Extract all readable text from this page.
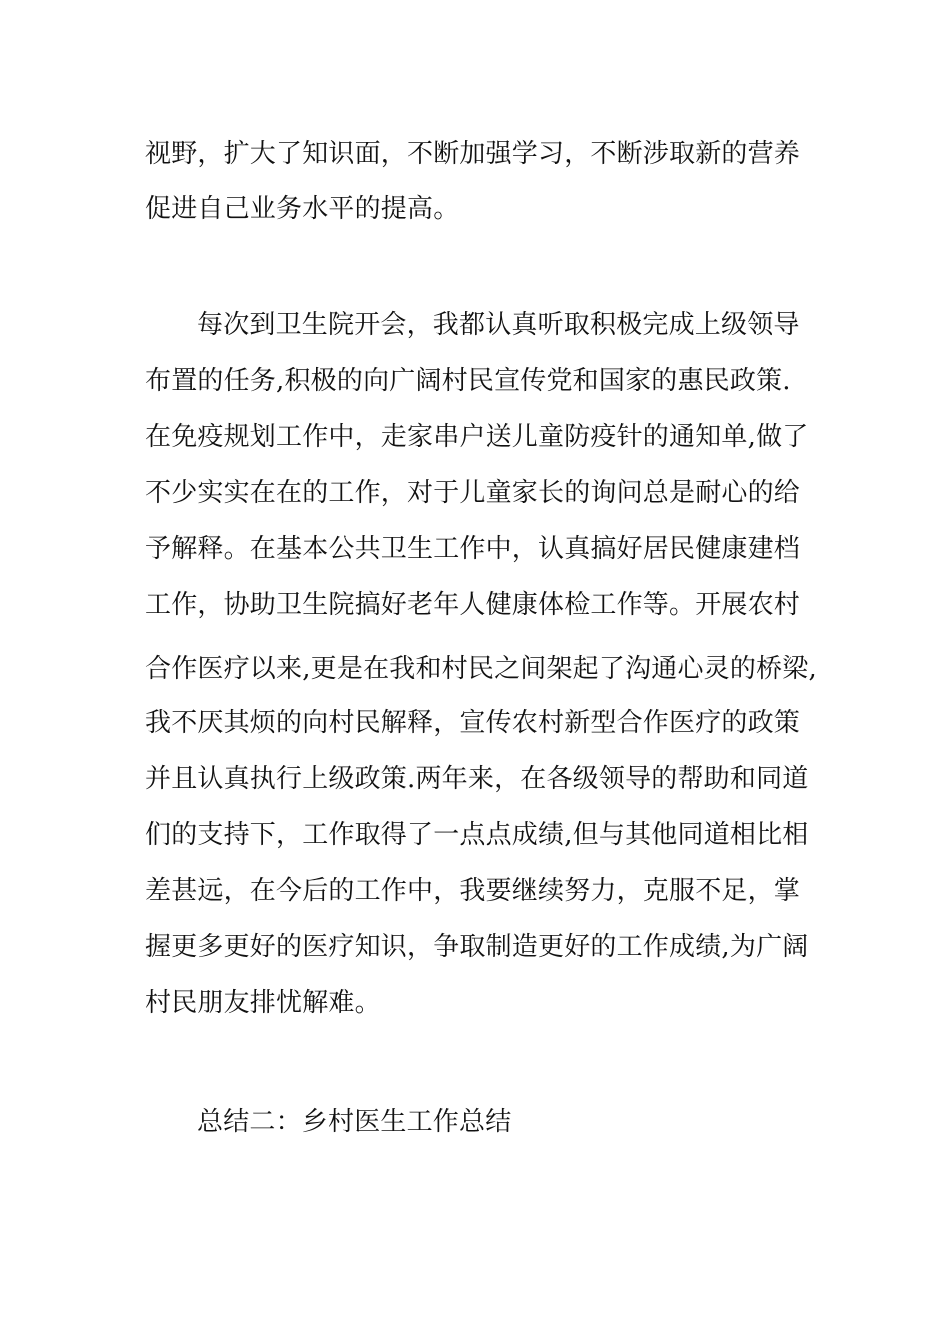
视野，扩大了知识面，不断加强学习，不断涉取新的营养

促进自己业务水平的提高。

每次到卫生院开会，我都认真听取积极完成上级领导

布置的任务,积极的向广阔村民宣传党和国家的惠民政策.

在免疫规划工作中，走家串户送儿童防疫针的通知单,做了

不少实实在在的工作，对于儿童家长的询问总是耐心的给

予解释。在基本公共卫生工作中，认真搞好居民健康建档

工作，协助卫生院搞好老年人健康体检工作等。开展农村

合作医疗以来,更是在我和村民之间架起了沟通心灵的桥梁,

我不厌其烦的向村民解释，宣传农村新型合作医疗的政策

并且认真执行上级政策.两年来，在各级领导的帮助和同道

们的支持下，工作取得了一点点成绩,但与其他同道相比相

差甚远，在今后的工作中，我要继续努力，克服不足，掌

握更多更好的医疗知识，争取制造更好的工作成绩,为广阔

村民朋友排忧解难。

总结二：乡村医生工作总结
